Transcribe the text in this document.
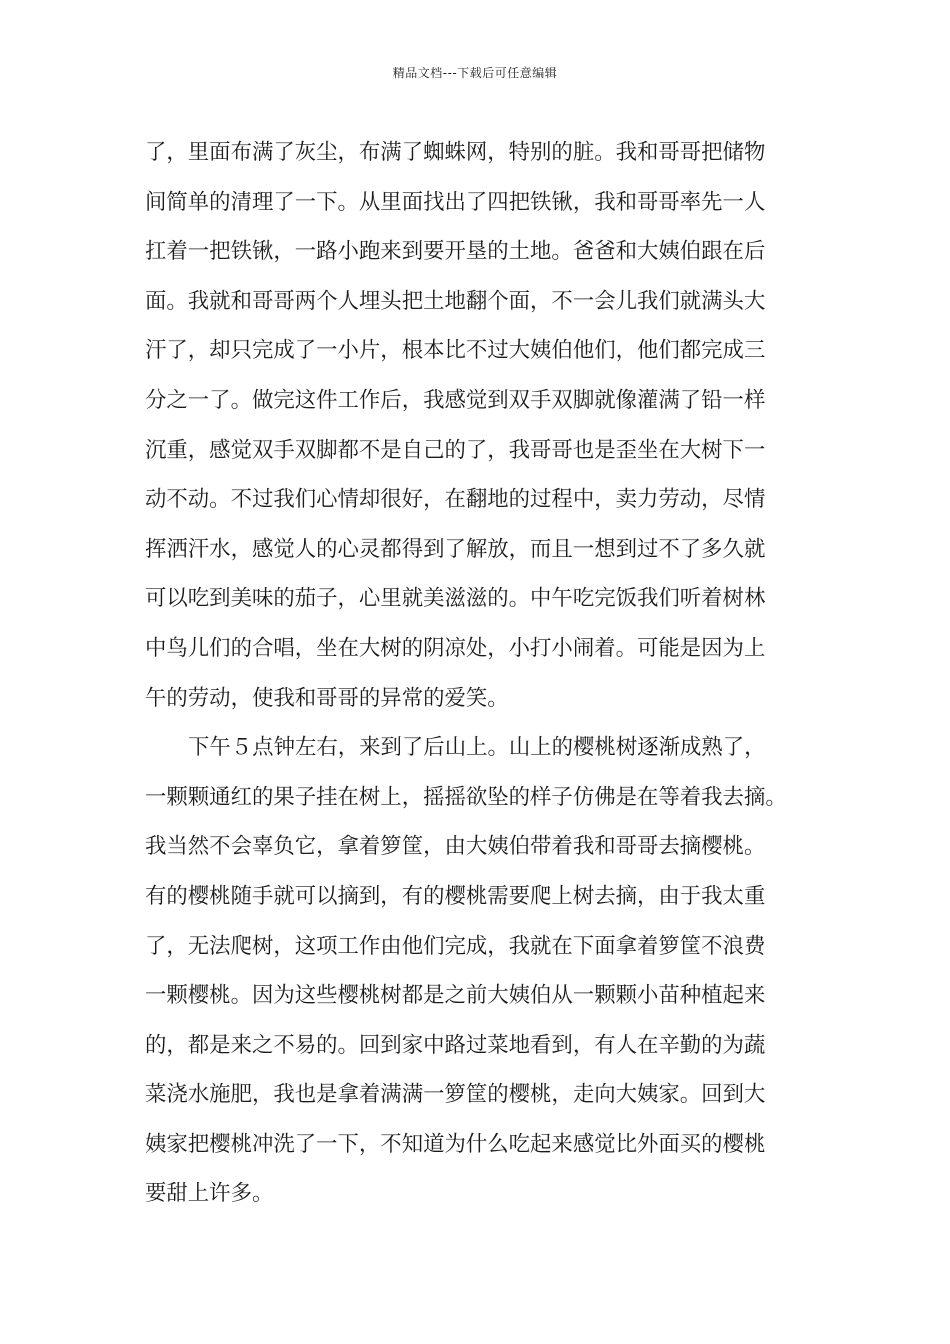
精品文档---下载后可任意编辑
了，里面布满了灰尘，布满了蜘蛛网，特别的脏。我和哥哥把储物
间简单的清理了一下。从里面找出了四把铁锹，我和哥哥率先一人
扛着一把铁锹，一路小跑来到要开垦的土地。爸爸和大姨伯跟在后
面。我就和哥哥两个人埋头把土地翻个面，不一会儿我们就满头大
汗了，却只完成了一小片，根本比不过大姨伯他们，他们都完成三
分之一了。做完这件工作后，我感觉到双手双脚就像灌满了铅一样
沉重，感觉双手双脚都不是自己的了，我哥哥也是歪坐在大树下一
动不动。不过我们心情却很好，在翻地的过程中，卖力劳动，尽情
挥洒汗水，感觉人的心灵都得到了解放，而且一想到过不了多久就
可以吃到美味的茄子，心里就美滋滋的。中午吃完饭我们听着树林
中鸟儿们的合唱，坐在大树的阴凉处，小打小闹着。可能是因为上
午的劳动，使我和哥哥的异常的爱笑。
下午５点钟左右，来到了后山上。山上的樱桃树逐渐成熟了，
一颗颗通红的果子挂在树上，摇摇欲坠的样子仿佛是在等着我去摘。
我当然不会辜负它，拿着箩筐，由大姨伯带着我和哥哥去摘樱桃。
有的樱桃随手就可以摘到，有的樱桃需要爬上树去摘，由于我太重
了，无法爬树，这项工作由他们完成，我就在下面拿着箩筐不浪费
一颗樱桃。因为这些樱桃树都是之前大姨伯从一颗颗小苗种植起来
的，都是来之不易的。回到家中路过菜地看到，有人在辛勤的为蔬
菜浇水施肥，我也是拿着满满一箩筐的樱桃，走向大姨家。回到大
姨家把樱桃冲洗了一下，不知道为什么吃起来感觉比外面买的樱桃
要甜上许多。
